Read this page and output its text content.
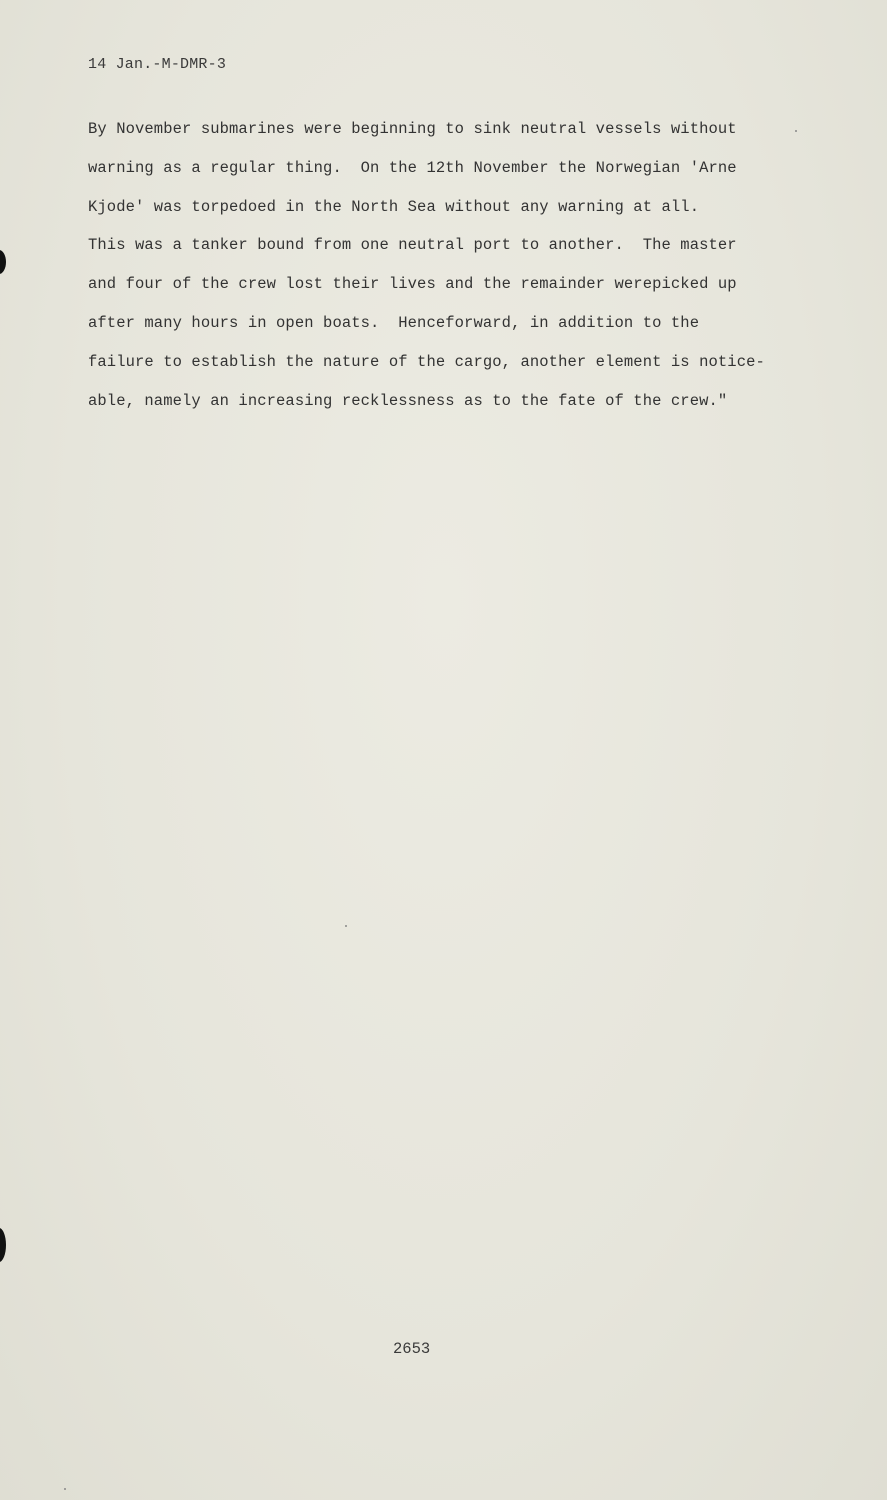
14 Jan.-M-DMR-3
By November submarines were beginning to sink neutral vessels without
warning as a regular thing.  On the 12th November the Norwegian 'Arne
Kjode' was torpedoed in the North Sea without any warning at all.
This was a tanker bound from one neutral port to another.  The master
and four of the crew lost their lives and the remainder werepicked up
after many hours in open boats.  Henceforward, in addition to the
failure to establish the nature of the cargo, another element is notice-
able, namely an increasing recklessness as to the fate of the crew."
2653
